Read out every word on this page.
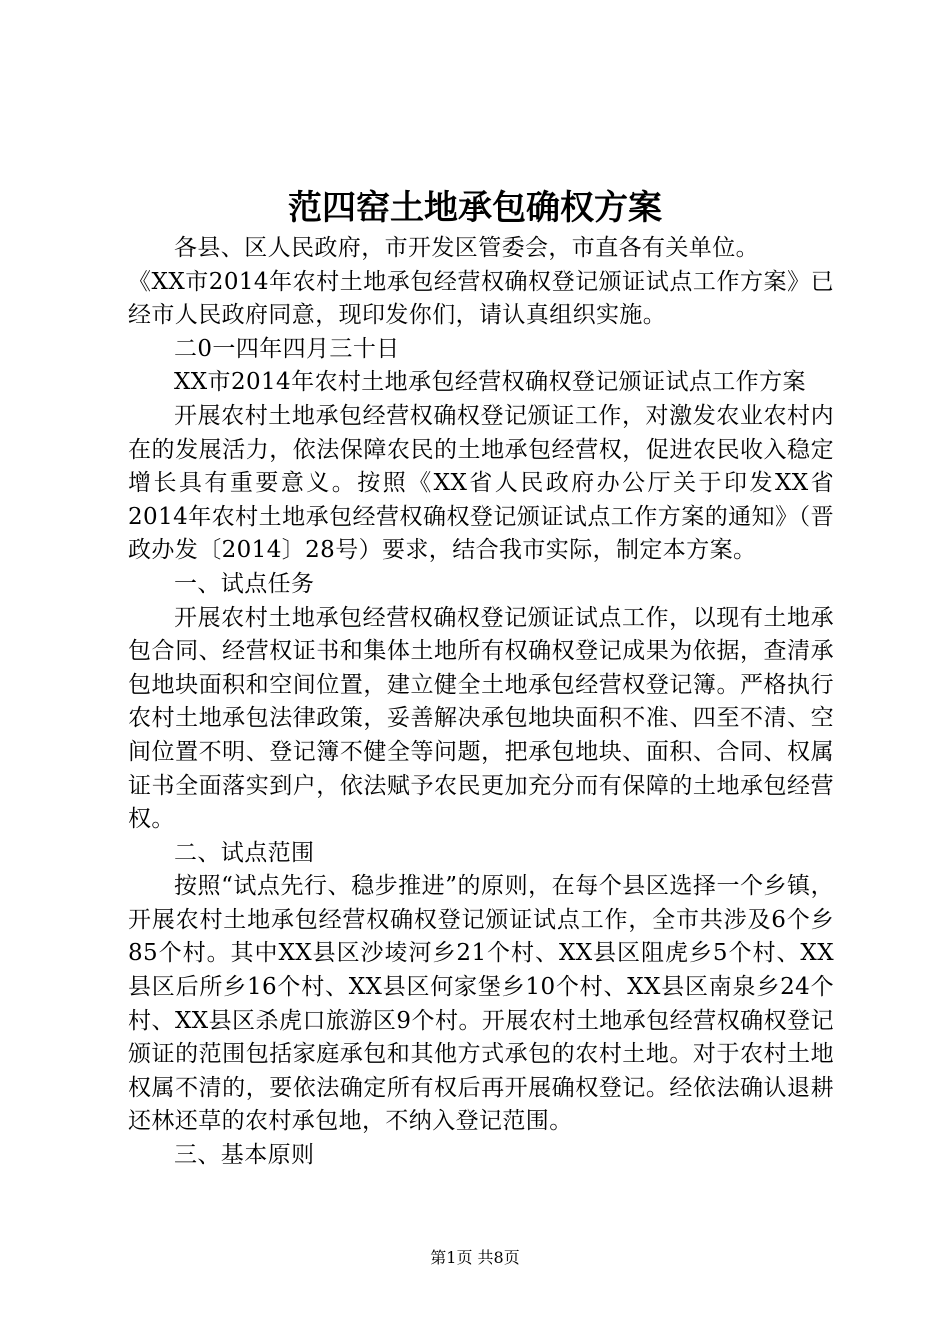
范四窑土地承包确权方案

各县、区人民政府，市开发区管委会，市直各有关单位。

《XX市2014年农村土地承包经营权确权登记颁证试点工作方案》已经市人民政府同意，现印发你们，请认真组织实施。

二0一四年四月三十日

XX市2014年农村土地承包经营权确权登记颁证试点工作方案

开展农村土地承包经营权确权登记颁证工作，对激发农业农村内在的发展活力，依法保障农民的土地承包经营权，促进农民收入稳定增长具有重要意义。按照《XX省人民政府办公厅关于印发XX省2014年农村土地承包经营权确权登记颁证试点工作方案的通知》（晋政办发〔2014〕28号）要求，结合我市实际，制定本方案。

一、试点任务

开展农村土地承包经营权确权登记颁证试点工作，以现有土地承包合同、经营权证书和集体土地所有权确权登记成果为依据，查清承包地块面积和空间位置，建立健全土地承包经营权登记簿。严格执行农村土地承包法律政策，妥善解决承包地块面积不准、四至不清、空间位置不明、登记簿不健全等问题，把承包地块、面积、合同、权属证书全面落实到户，依法赋予农民更加充分而有保障的土地承包经营权。

二、试点范围

按照“试点先行、稳步推进”的原则，在每个县区选择一个乡镇，开展农村土地承包经营权确权登记颁证试点工作，全市共涉及6个乡85个村。其中XX县区沙堎河乡21个村、XX县区阻虎乡5个村、XX县区后所乡16个村、XX县区何家堡乡10个村、XX县区南泉乡24个村、XX县区杀虎口旅游区9个村。开展农村土地承包经营权确权登记颁证的范围包括家庭承包和其他方式承包的农村土地。对于农村土地权属不清的，要依法确定所有权后再开展确权登记。经依法确认退耕还林还草的农村承包地，不纳入登记范围。

三、基本原则

第1页 共8页
